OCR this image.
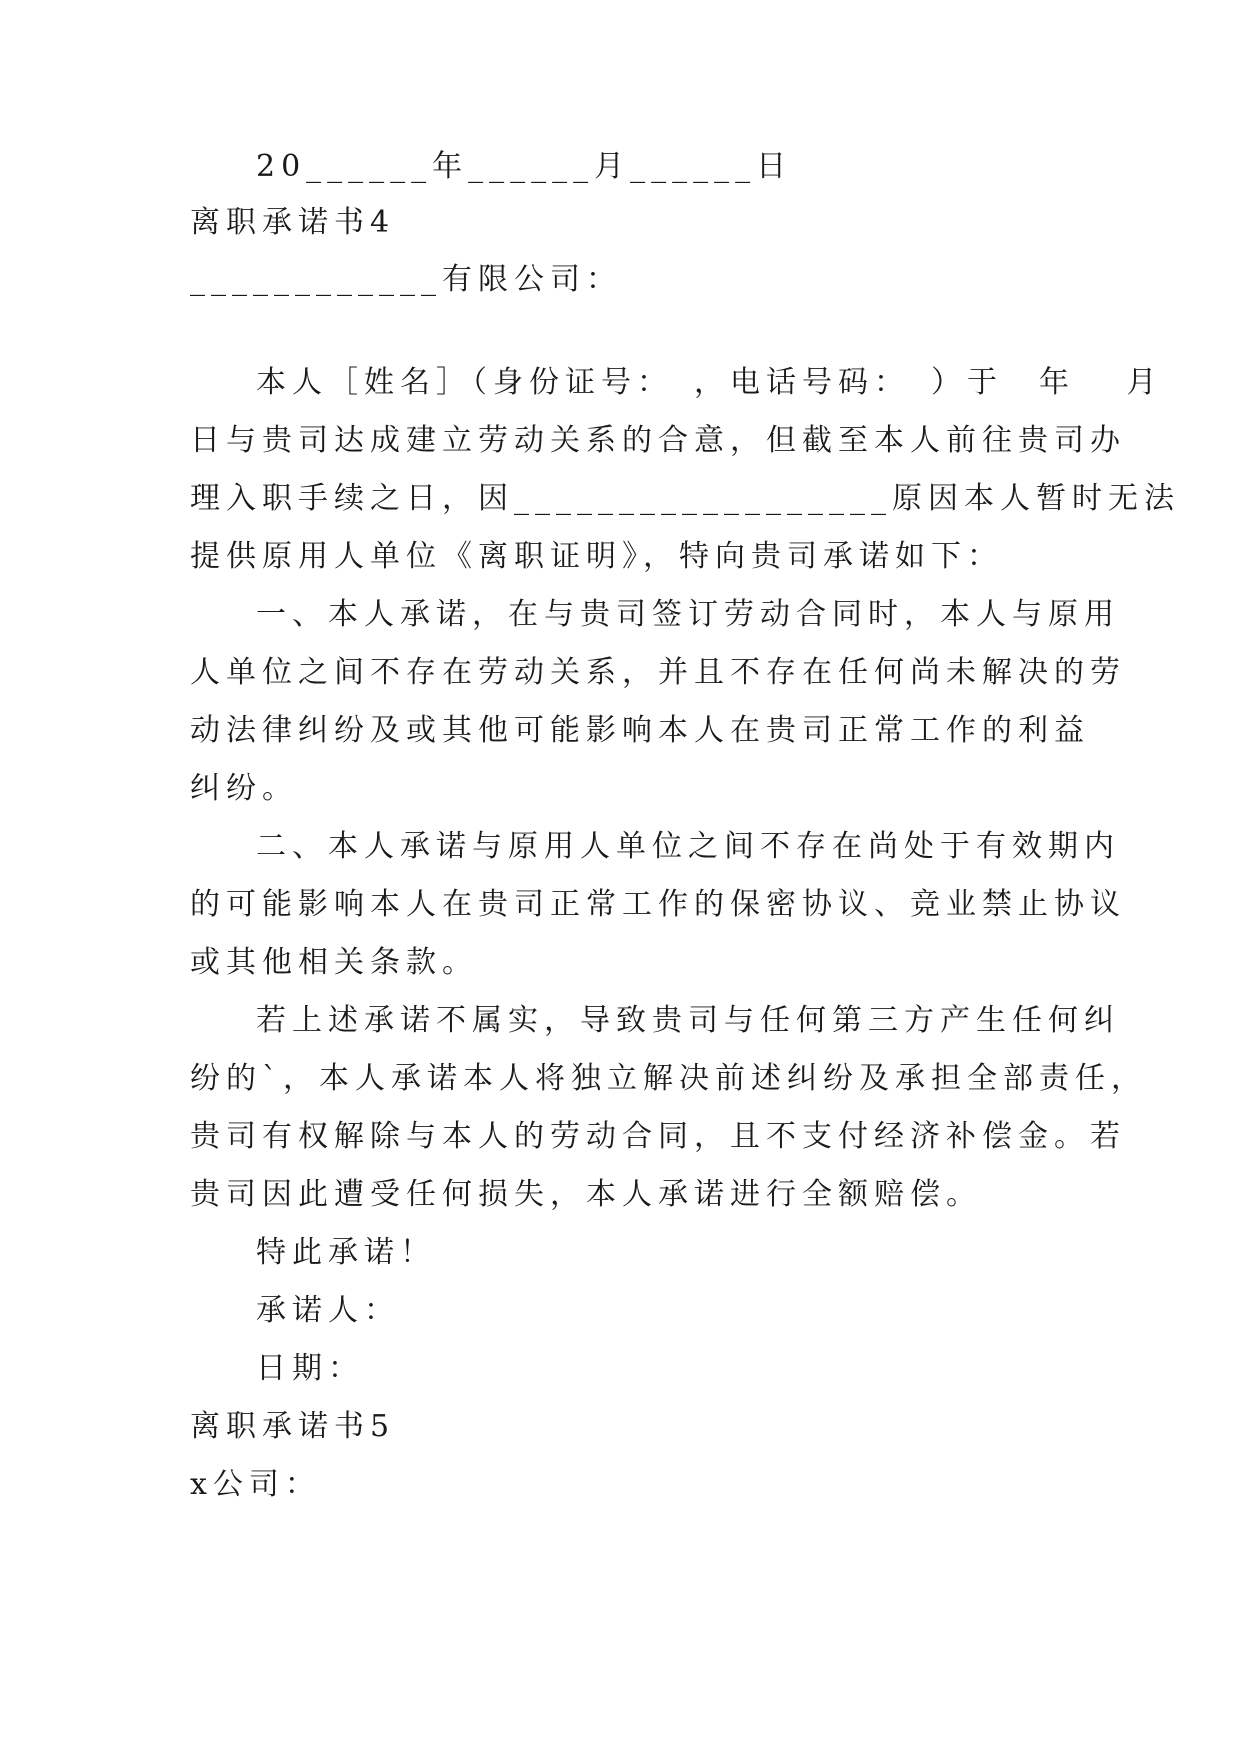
20______年______月______日
离职承诺书4
____________有限公司：
本人［姓名］（身份证号：　，电话号码：　）于　年　 月
日与贵司达成建立劳动关系的合意，但截至本人前往贵司办
理入职手续之日，因__________________原因本人暂时无法
提供原用人单位《离职证明》，特向贵司承诺如下：
一、本人承诺，在与贵司签订劳动合同时，本人与原用
人单位之间不存在劳动关系，并且不存在任何尚未解决的劳
动法律纠纷及或其他可能影响本人在贵司正常工作的利益
纠纷。
二、本人承诺与原用人单位之间不存在尚处于有效期内
的可能影响本人在贵司正常工作的保密协议、竞业禁止协议
或其他相关条款。
若上述承诺不属实，导致贵司与任何第三方产生任何纠
纷的`，本人承诺本人将独立解决前述纠纷及承担全部责任，
贵司有权解除与本人的劳动合同，且不支付经济补偿金。若
贵司因此遭受任何损失，本人承诺进行全额赔偿。
特此承诺！
承诺人：
日期：
离职承诺书5
x公司：
